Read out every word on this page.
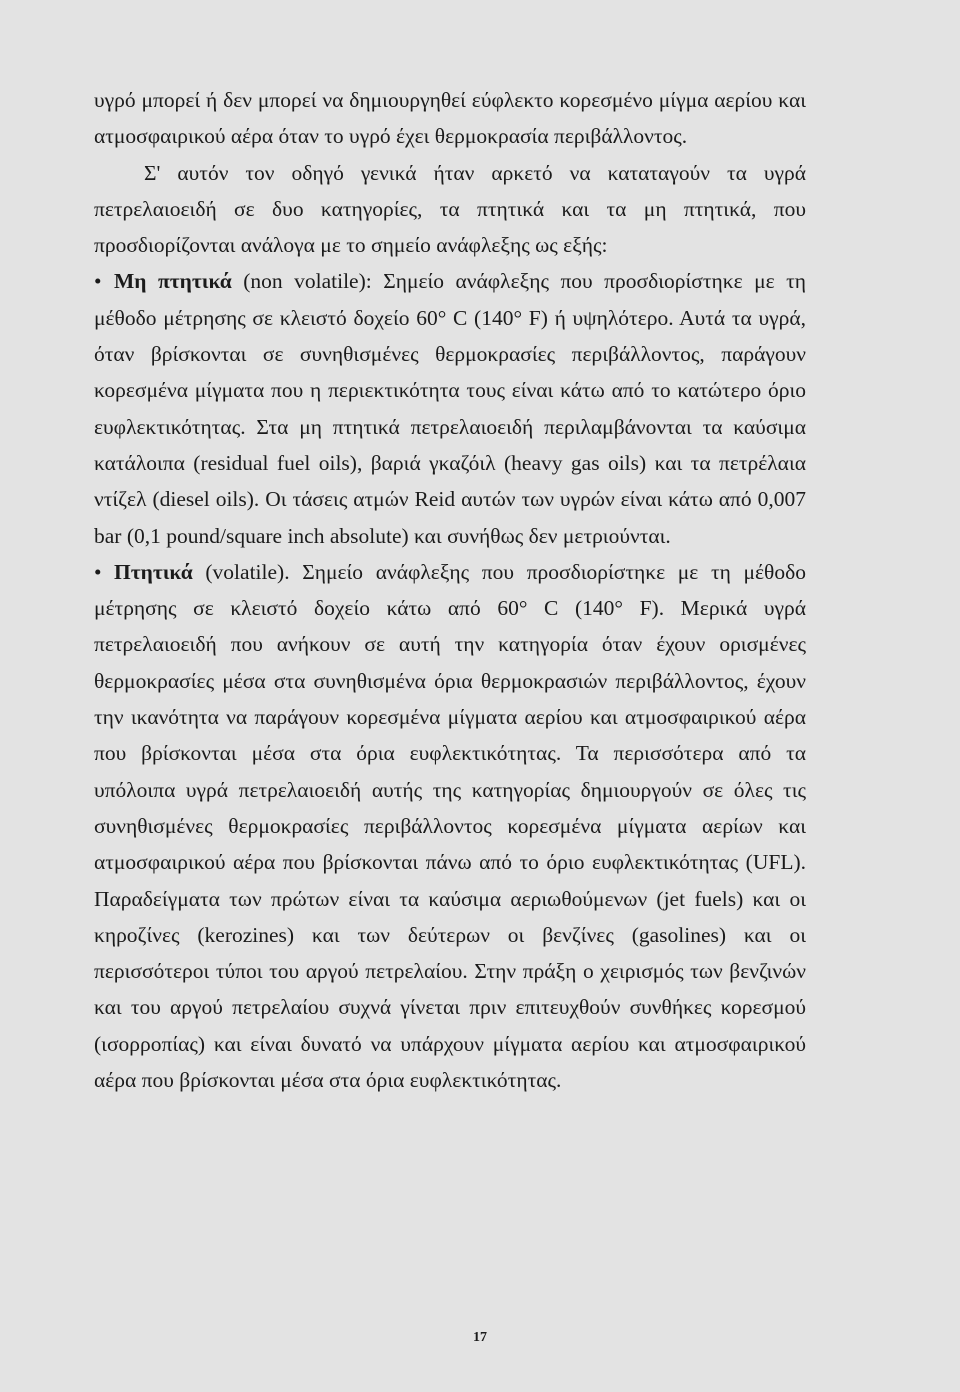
υγρό μπορεί ή δεν μπορεί να δημιουργηθεί εύφλεκτο κορεσμένο μίγμα αερίου και ατμοσφαιρικού αέρα όταν το υγρό έχει θερμοκρασία περιβάλλοντος.

Σ' αυτόν τον οδηγό γενικά ήταν αρκετό να καταταγούν τα υγρά πετρελαιοειδή σε δυο κατηγορίες, τα πτητικά και τα μη πτητικά, που προσδιορίζονται ανάλογα με το σημείο ανάφλεξης ως εξής:

• Μη πτητικά (non volatile): Σημείο ανάφλεξης που προσδιορίστηκε με τη μέθοδο μέτρησης σε κλειστό δοχείο 60° C (140° F) ή υψηλότερο. Αυτά τα υγρά, όταν βρίσκονται σε συνηθισμένες θερμοκρασίες περιβάλλοντος, παράγουν κορεσμένα μίγματα που η περιεκτικότητα τους είναι κάτω από το κατώτερο όριο ευφλεκτικότητας. Στα μη πτητικά πετρελαιοειδή περιλαμβάνονται τα καύσιμα κατάλοιπα (residual fuel oils), βαριά γκαζόιλ (heavy gas oils) και τα πετρέλαια ντίζελ (diesel oils). Οι τάσεις ατμών Reid αυτών των υγρών είναι κάτω από 0,007 bar (0,1 pound/square inch absolute) και συνήθως δεν μετριούνται.

• Πτητικά (volatile). Σημείο ανάφλεξης που προσδιορίστηκε με τη μέθοδο μέτρησης σε κλειστό δοχείο κάτω από 60° C (140° F). Μερικά υγρά πετρελαιοειδή που ανήκουν σε αυτή την κατηγορία όταν έχουν ορισμένες θερμοκρασίες μέσα στα συνηθισμένα όρια θερμοκρασιών περιβάλλοντος, έχουν την ικανότητα να παράγουν κορεσμένα μίγματα αερίου και ατμοσφαιρικού αέρα που βρίσκονται μέσα στα όρια ευφλεκτικότητας. Τα περισσότερα από τα υπόλοιπα υγρά πετρελαιοειδή αυτής της κατηγορίας δημιουργούν σε όλες τις συνηθισμένες θερμοκρασίες περιβάλλοντος κορεσμένα μίγματα αερίων και ατμοσφαιρικού αέρα που βρίσκονται πάνω από το όριο ευφλεκτικότητας (UFL). Παραδείγματα των πρώτων είναι τα καύσιμα αεριωθούμενων (jet fuels) και οι κηροζίνες (kerozines) και των δεύτερων οι βενζίνες (gasolines) και οι περισσότεροι τύποι του αργού πετρελαίου. Στην πράξη ο χειρισμός των βενζινών και του αργού πετρελαίου συχνά γίνεται πριν επιτευχθούν συνθήκες κορεσμού (ισορροπίας) και είναι δυνατό να υπάρχουν μίγματα αερίου και ατμοσφαιρικού αέρα που βρίσκονται μέσα στα όρια ευφλεκτικότητας.

17
